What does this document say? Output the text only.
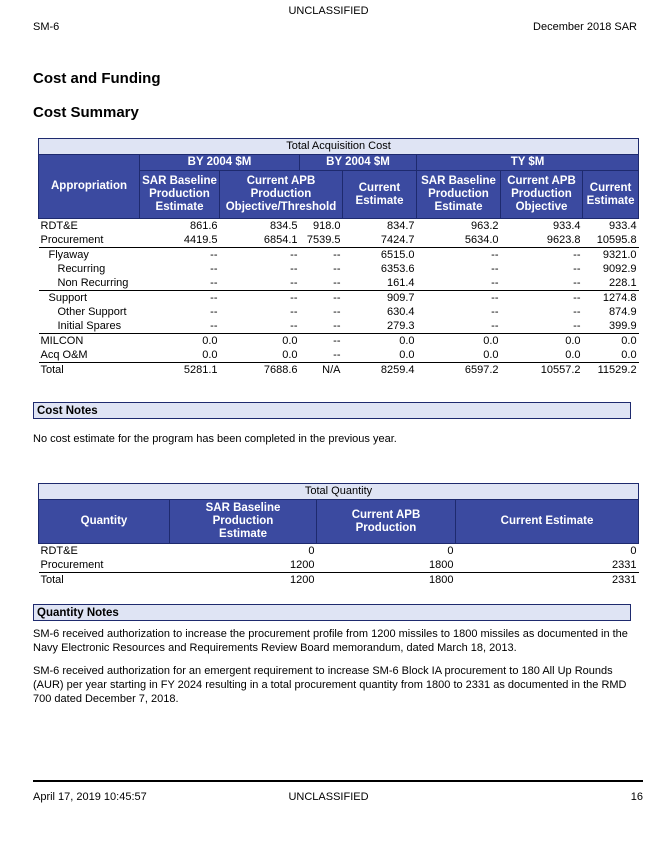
UNCLASSIFIED
SM-6	December 2018 SAR
Cost and Funding
Cost Summary
Total Acquisition Cost							
Appropriation	BY 2004 $M		BY 2004 $M		TY $M		
	SAR Baseline
Production
Estimate	Current APB
Production
Objective/Threshold		Current
Estimate	SAR Baseline
Production
Estimate	Current APB
Production
Objective	Current
Estimate
RDT&E	861.6	834.5	918.0	834.7	963.2	933.4	933.4
Procurement	4419.5	6854.1	7539.5	7424.7	5634.0	9623.8	10595.8
Flyaway	--	--	--	6515.0	--	--	9321.0
Recurring	--	--	--	6353.6	--	--	9092.9
Non Recurring	--	--	--	161.4	--	--	228.1
Support	--	--	--	909.7	--	--	1274.8
Other Support	--	--	--	630.4	--	--	874.9
Initial Spares	--	--	--	279.3	--	--	399.9
MILCON	0.0	0.0	--	0.0	0.0	0.0	0.0
Acq O&M	0.0	0.0	--	0.0	0.0	0.0	0.0
Total	5281.1	7688.6	N/A	8259.4	6597.2	10557.2	11529.2
Cost Notes
No cost estimate for the program has been completed in the previous year.
Total Quantity			
Quantity	SAR Baseline
Production
Estimate	Current APB
Production	Current Estimate
RDT&E	0	0	0
Procurement	1200	1800	2331
Total	1200	1800	2331
Quantity Notes
SM-6 received authorization to increase the procurement profile from 1200 missiles to 1800 missiles as documented in the Navy Electronic Resources and Requirements Review Board memorandum, dated March 18, 2013.
SM-6 received authorization for an emergent requirement to increase SM-6 Block IA procurement to 180 All Up Rounds (AUR) per year starting in FY 2024 resulting in a total procurement quantity from 1800 to 2331 as documented in the RMD 700 dated December 7, 2018.
April 17, 2019 10:45:57	UNCLASSIFIED	16
